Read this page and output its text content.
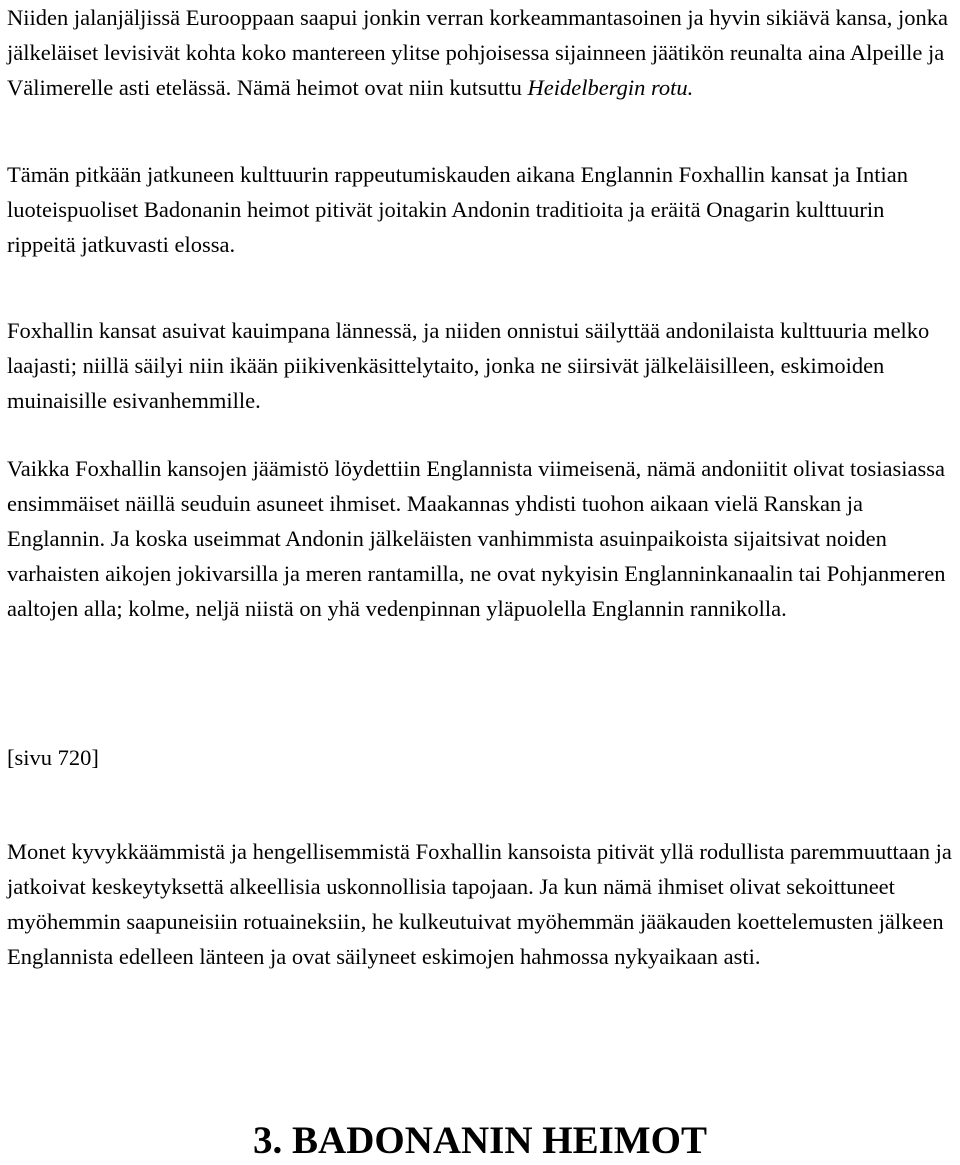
Niiden jalanjäljissä Eurooppaan saapui jonkin verran korkeammantasoinen ja hyvin sikiävä kansa, jonka jälkeläiset levisivät kohta koko mantereen ylitse pohjoisessa sijainneen jäätikön reunalta aina Alpeille ja Välimerelle asti etelässä. Nämä heimot ovat niin kutsuttu Heidelbergin rotu.

Tämän pitkään jatkuneen kulttuurin rappeutumiskauden aikana Englannin Foxhallin kansat ja Intian luoteispuoliset Badonanin heimot pitivät joitakin Andonin traditioita ja eräitä Onagarin kulttuurin rippeitä jatkuvasti elossa.

Foxhallin kansat asuivat kauimpana lännessä, ja niiden onnistui säilyttää andonilaista kulttuuria melko laajasti; niillä säilyi niin ikään piikivenkäsittelytaito, jonka ne siirsivät jälkeläisilleen, eskimoiden muinaisille esivanhemmille.

Vaikka Foxhallin kansojen jäämistö löydettiin Englannista viimeisenä, nämä andoniitit olivat tosiasiassa ensimmäiset näillä seuduin asuneet ihmiset. Maakannas yhdisti tuohon aikaan vielä Ranskan ja Englannin. Ja koska useimmat Andonin jälkeläisten vanhimmista asuinpaikoista sijaitsivat noiden varhaisten aikojen jokivarsilla ja meren rantamilla, ne ovat nykyisin Englanninkanaalin tai Pohjanmeren aaltojen alla; kolme, neljä niistä on yhä vedenpinnan yläpuolella Englannin rannikolla.

[sivu 720]

Monet kyvykkäämmistä ja hengellisemmistä Foxhallin kansoista pitivät yllä rodullista paremmuuttaan ja jatkoivat keskeytyksettä alkeellisia uskonnollisia tapojaan. Ja kun nämä ihmiset olivat sekoittuneet myöhemmin saapuneisiin rotuaineksiin, he kulkeutuivat myöhemmän jääkauden koettelemusten jälkeen Englannista edelleen länteen ja ovat säilyneet eskimojen hahmossa nykyaikaan asti.

3. BADONANIN HEIMOT
